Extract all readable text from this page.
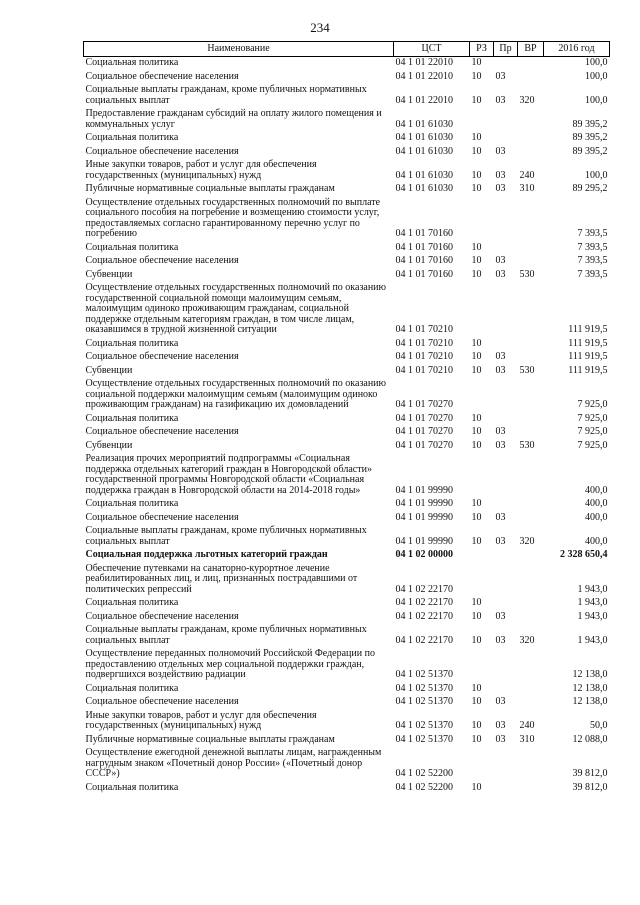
234
Наименование	ЦСТ	РЗ	Пр	ВР	2016 год
Социальная политика	04 1 01 22010	10			100,0
Социальное обеспечение населения	04 1 01 22010	10	03		100,0
Социальные выплаты гражданам, кроме публичных нормативных социальных выплат	04 1 01 22010	10	03	320	100,0
Предоставление гражданам субсидий на оплату жилого помещения и коммунальных услуг	04 1 01 61030				89 395,2
Социальная политика	04 1 01 61030	10			89 395,2
Социальное обеспечение населения	04 1 01 61030	10	03		89 395,2
Иные закупки товаров, работ и услуг для обеспечения государственных (муниципальных) нужд	04 1 01 61030	10	03	240	100,0
Публичные нормативные социальные выплаты гражданам	04 1 01 61030	10	03	310	89 295,2
Осуществление отдельных государственных полномочий по выплате социального пособия на погребение и возмещению стоимости услуг, предоставляемых согласно гарантированному перечню услуг по погребению	04 1 01 70160				7 393,5
Социальная политика	04 1 01 70160	10			7 393,5
Социальное обеспечение населения	04 1 01 70160	10	03		7 393,5
Субвенции	04 1 01 70160	10	03	530	7 393,5
Осуществление отдельных государственных полномочий по оказанию государственной социальной помощи малоимущим семьям, малоимущим одиноко проживающим гражданам, социальной поддержке отдельным категориям граждан, в том числе лицам, оказавшимся в трудной жизненной ситуации	04 1 01 70210				111 919,5
Социальная политика	04 1 01 70210	10			111 919,5
Социальное обеспечение населения	04 1 01 70210	10	03		111 919,5
Субвенции	04 1 01 70210	10	03	530	111 919,5
Осуществление отдельных государственных полномочий по оказанию социальной поддержки малоимущим семьям (малоимущим одиноко проживающим гражданам) на газификацию их домовладений	04 1 01 70270				7 925,0
Социальная политика	04 1 01 70270	10			7 925,0
Социальное обеспечение населения	04 1 01 70270	10	03		7 925,0
Субвенции	04 1 01 70270	10	03	530	7 925,0
Реализация прочих мероприятий подпрограммы «Социальная поддержка отдельных категорий граждан в Новгородской области» государственной программы Новгородской области «Социальная поддержка граждан в Новгородской области на 2014-2018 годы»	04 1 01 99990				400,0
Социальная политика	04 1 01 99990	10			400,0
Социальное обеспечение населения	04 1 01 99990	10	03		400,0
Социальные выплаты гражданам, кроме публичных нормативных социальных выплат	04 1 01 99990	10	03	320	400,0
Социальная поддержка льготных категорий граждан	04 1 02 00000				2 328 650,4
Обеспечение путевками на санаторно-курортное лечение реабилитированных лиц, и лиц, признанных пострадавшими от политических репрессий	04 1 02 22170				1 943,0
Социальная политика	04 1 02 22170	10			1 943,0
Социальное обеспечение населения	04 1 02 22170	10	03		1 943,0
Социальные выплаты гражданам, кроме публичных нормативных социальных выплат	04 1 02 22170	10	03	320	1 943,0
Осуществление переданных полномочий Российской Федерации по предоставлению отдельных мер социальной поддержки граждан, подвергшихся воздействию радиации	04 1 02 51370				12 138,0
Социальная политика	04 1 02 51370	10			12 138,0
Социальное обеспечение населения	04 1 02 51370	10	03		12 138,0
Иные закупки товаров, работ и услуг для обеспечения государственных (муниципальных) нужд	04 1 02 51370	10	03	240	50,0
Публичные нормативные социальные выплаты гражданам	04 1 02 51370	10	03	310	12 088,0
Осуществление ежегодной денежной выплаты лицам, награжденным нагрудным знаком «Почетный донор России» («Почетный донор СССР»)	04 1 02 52200				39 812,0
Социальная политика	04 1 02 52200	10			39 812,0
